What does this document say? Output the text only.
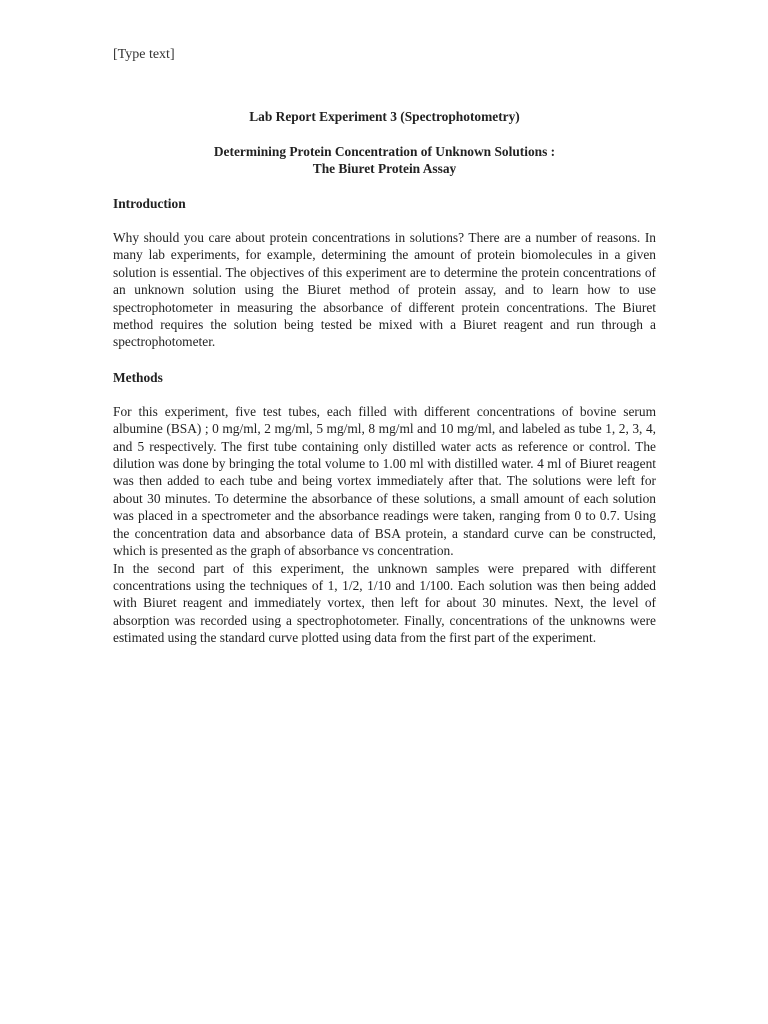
[Type text]

Lab Report Experiment 3 (Spectrophotometry)

Determining Protein Concentration of Unknown Solutions :
The Biuret Protein Assay

Introduction

Why should you care about protein concentrations in solutions? There are a number of reasons. In many lab experiments, for example, determining the amount of protein biomolecules in a given solution is essential. The objectives of this experiment are to determine the protein concentrations of an unknown solution using the Biuret method of protein assay, and to learn how to use spectrophotometer in measuring the absorbance of different protein concentrations. The Biuret method requires the solution being tested be mixed with a Biuret reagent and run through a spectrophotometer.

Methods

For this experiment, five test tubes, each filled with different concentrations of bovine serum albumine (BSA) ; 0 mg/ml, 2 mg/ml, 5 mg/ml, 8 mg/ml and 10 mg/ml, and labeled as tube 1, 2, 3, 4, and 5 respectively. The first tube containing only distilled water acts as reference or control. The dilution was done by bringing the total volume to 1.00 ml with distilled water. 4 ml of Biuret reagent was then added to each tube and being vortex immediately after that. The solutions were left for about 30 minutes. To determine the absorbance of these solutions, a small amount of each solution was placed in a spectrometer and the absorbance readings were taken, ranging from 0 to 0.7. Using the concentration data and absorbance data of BSA protein, a standard curve can be constructed, which is presented as the graph of absorbance vs concentration.

In the second part of this experiment, the unknown samples were prepared with different concentrations using the techniques of 1, 1/2, 1/10 and 1/100. Each solution was then being added with Biuret reagent and immediately vortex, then left for about 30 minutes. Next, the level of absorption was recorded using a spectrophotometer. Finally, concentrations of the unknowns were estimated using the standard curve plotted using data from the first part of the experiment.
